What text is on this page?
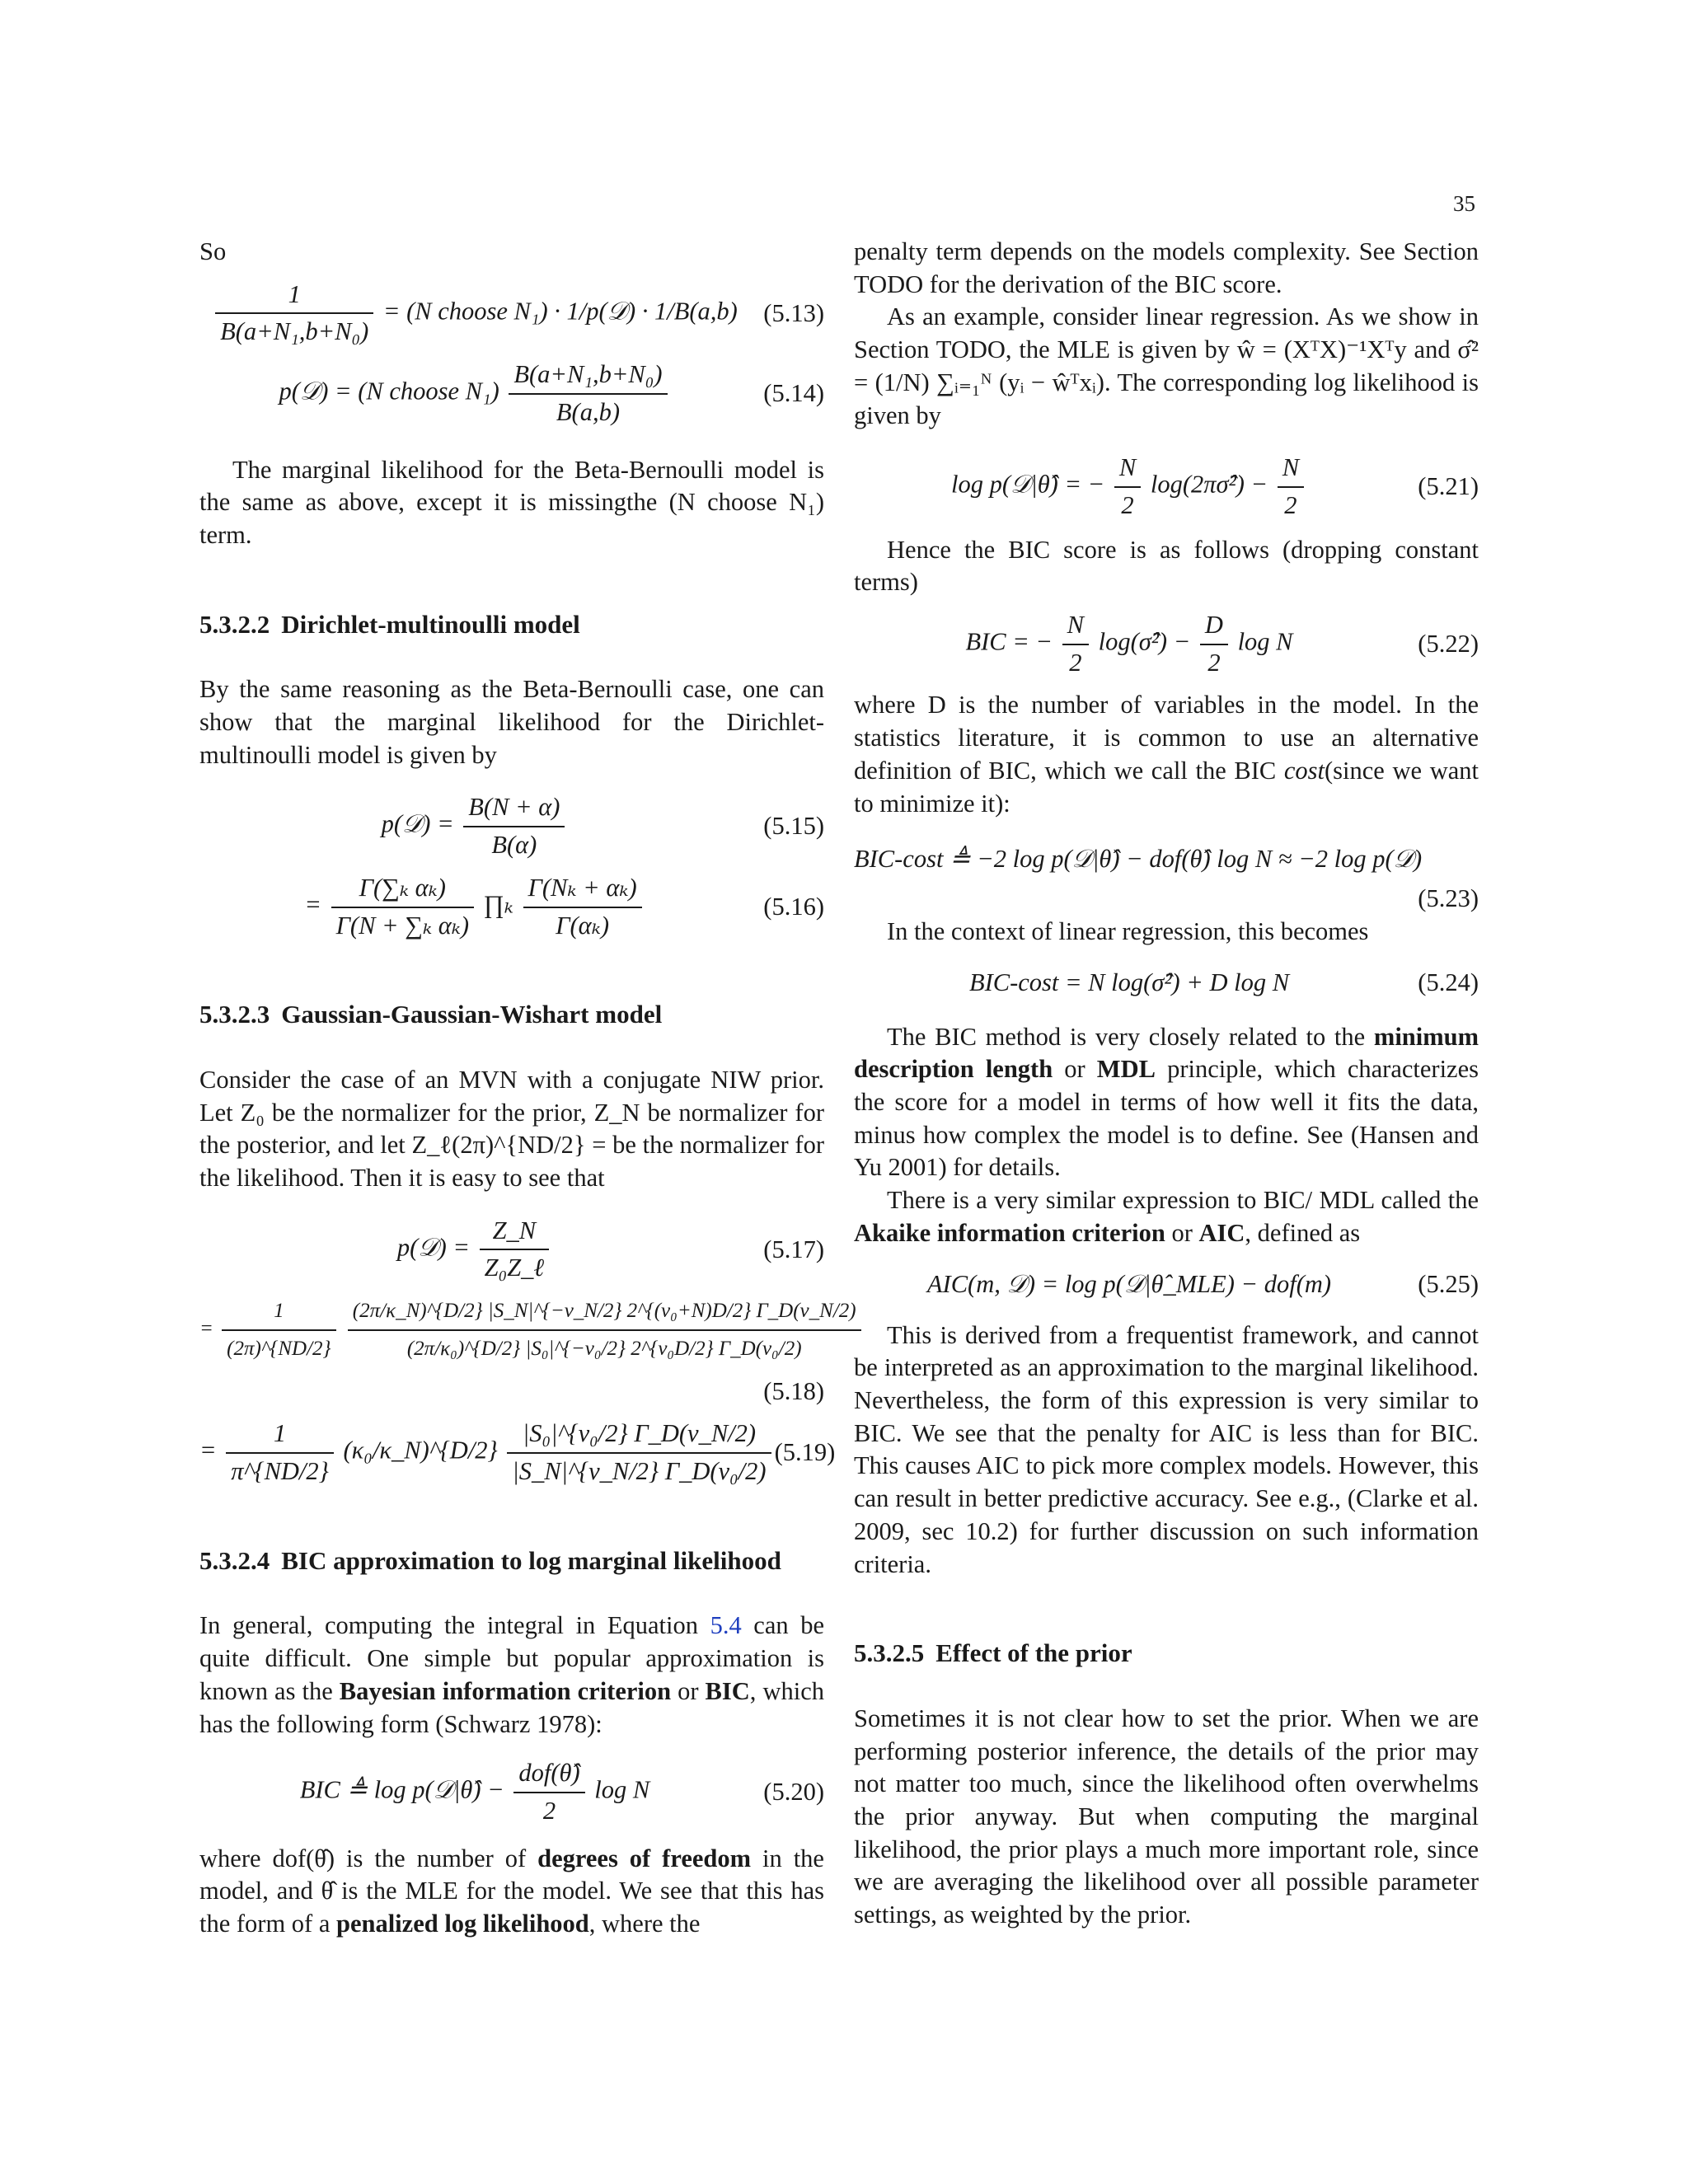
35

So

$\frac{1}{\text{B(a+N₁,b+N₀)}} = (N$ choose N₁) · 1/p(𝒟) · 1/B(a,b)	(5.13)
p(𝒟) = (N choose $N_1) \frac{\text{B(a+N₁,b+N₀)}}{B(a,b)}$	(5.14)

The marginal likelihood for the Beta-Bernoulli model is the same as above, except it is missingthe (N choose N₁) term.

5.3.2.2 Dirichlet-multinoulli model

By the same reasoning as the Beta-Bernoulli case, one can show that the marginal likelihood for the Dirichlet-multinoulli model is given by

p(𝒟) = $\frac{B(N + \alpha)}{B(\alpha)}$	(5.15)
= $\frac{\text{Γ(∑ₖ αₖ)}}{\text{Γ(N + ∑ₖ αₖ)}}$ ∏ₖ $\frac{\text{Γ(Nₖ + αₖ)}}{\text{Γ(αₖ)}}$	(5.16)
5.3.2.3 Gaussian-Gaussian-Wishart model

Consider the case of an MVN with a conjugate NIW prior. Let Z₀ be the normalizer for the prior, Z_N be normalizer for the posterior, and let Z_ℓ(2π)^{ND/2} = be the normalizer for the likelihood. Then it is easy to see that

p(𝒟) = $\frac{Z\_N}{\text{Z₀Z\_ℓ}}$	(5.17)
= $\frac{1}{(2\pi)\^{}\{ND/2\}}$
$\frac{\text{(2π/κ\_N)\textasciicircum{}\{D/2\} |S\_N|\textasciicircum{}\{−ν\_N/2\} 2\textasciicircum{}\{(ν₀+N)D/2\} Γ\_D(ν\_N/2)}}{\text{(2π/κ₀)\textasciicircum{}\{D/2\} |S₀|\textasciicircum{}\{−ν₀/2\} 2\textasciicircum{}\{ν₀D/2\} Γ\_D(ν₀/2)}}$
(5.18)
= $\frac{1}{\pi\^{}\{ND/2\}}$ (κ₀/κ_N)^{D/2} $\frac{\text{|S₀|\textasciicircum{}\{ν₀/2\} Γ\_D(ν\_N/2)}}{\text{|S\_N|\textasciicircum{}\{ν\_N/2\} Γ\_D(ν₀/2)}} (5.19)$
5.3.2.4 BIC approximation to log marginal likelihood

In general, computing the integral in Equation 5.4 can be quite difficult. One simple but popular approximation is known as the Bayesian information criterion or BIC, which has the following form (Schwarz 1978):

BIC ≜ log p(𝒟|θ̂) − $\frac{\text{dof(θ̂)}}{2}$ log N	(5.20)

where dof(θ̂) is the number of degrees of freedom in the model, and θ̂ is the MLE for the model. We see that this has the form of a penalized log likelihood, where the

penalty term depends on the models complexity. See Section TODO for the derivation of the BIC score.

As an example, consider linear regression. As we show in Section TODO, the MLE is given by ŵ = (XᵀX)⁻¹Xᵀy and σ̂² = (1/N) ∑ᵢ₌₁ᴺ (yᵢ − ŵᵀxᵢ). The corresponding log likelihood is given by

log p(𝒟|θ̂) = − $\frac{N}{2}$ log(2πσ̂²) − $\frac{N}{2}$	(5.21)

Hence the BIC score is as follows (dropping constant terms)

BIC = − $\frac{N}{2}$ log(σ̂²) − $\frac{D}{2}$ log N	(5.22)

where D is the number of variables in the model. In the statistics literature, it is common to use an alternative definition of BIC, which we call the BIC cost(since we want to minimize it):

BIC-cost ≜ −2 log p(𝒟|θ̂) − dof(θ̂) log N ≈ −2 log p(𝒟)
(5.23)

In the context of linear regression, this becomes

BIC-cost = N log(σ̂²) + D log N	(5.24)

The BIC method is very closely related to the minimum description length or MDL principle, which characterizes the score for a model in terms of how well it fits the data, minus how complex the model is to define. See (Hansen and Yu 2001) for details.

There is a very similar expression to BIC/ MDL called the Akaike information criterion or AIC, defined as

AIC(m, 𝒟) = log p(𝒟|θ̂_MLE) − dof(m)	(5.25)

This is derived from a frequentist framework, and cannot be interpreted as an approximation to the marginal likelihood. Nevertheless, the form of this expression is very similar to BIC. We see that the penalty for AIC is less than for BIC. This causes AIC to pick more complex models. However, this can result in better predictive accuracy. See e.g., (Clarke et al. 2009, sec 10.2) for further discussion on such information criteria.

5.3.2.5 Effect of the prior

Sometimes it is not clear how to set the prior. When we are performing posterior inference, the details of the prior may not matter too much, since the likelihood often overwhelms the prior anyway. But when computing the marginal likelihood, the prior plays a much more important role, since we are averaging the likelihood over all possible parameter settings, as weighted by the prior.
